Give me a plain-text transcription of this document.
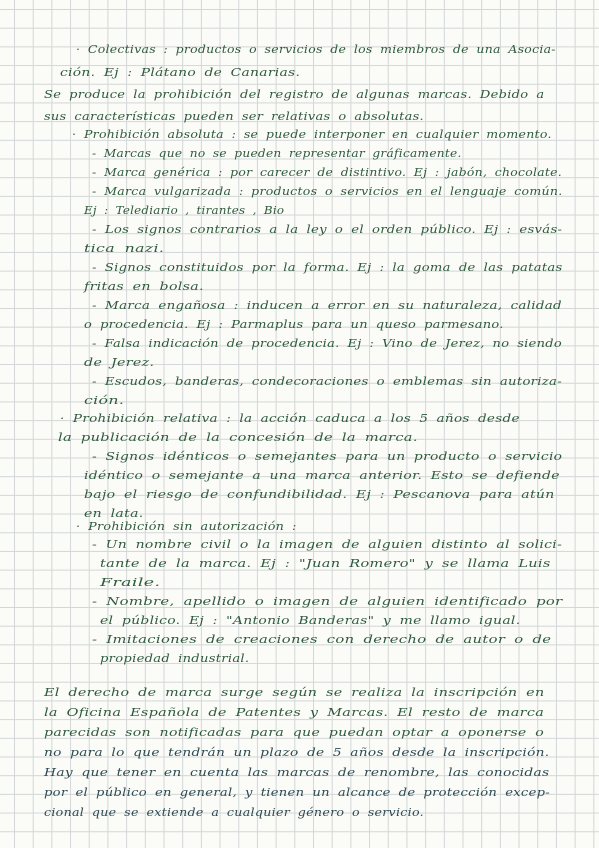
· Colectivas : productos o servicios de los miembros de una Asocia-
ción. Ej : Plátano de Canarias.
Se produce la prohibición del registro de algunas marcas. Debido a
sus características pueden ser relativas o absolutas.
· Prohibición absoluta : se puede interponer en cualquier momento.
- Marcas que no se pueden representar gráficamente.
- Marca genérica : por carecer de distintivo. Ej : jabón, chocolate.
- Marca vulgarizada : productos o servicios en el lenguaje común.
Ej : Telediario , tirantes , Bio
- Los signos contrarios a la ley o el orden público. Ej : esvás-
tica nazi.
- Signos constituidos por la forma. Ej : la goma de las patatas
fritas en bolsa.
- Marca engañosa : inducen a error en su naturaleza, calidad
o procedencia. Ej : Parmaplus para un queso parmesano.
- Falsa indicación de procedencia. Ej : Vino de Jerez, no siendo
de Jerez.
- Escudos, banderas, condecoraciones o emblemas sin autoriza-
ción.
· Prohibición relativa : la acción caduca a los 5 años desde
la publicación de la concesión de la marca.
- Signos idénticos o semejantes para un producto o servicio
idéntico o semejante a una marca anterior. Esto se defiende
bajo el riesgo de confundibilidad. Ej : Pescanova para atún
en lata.
· Prohibición sin autorización :
- Un nombre civil o la imagen de alguien distinto al solici-
tante de la marca. Ej : "Juan Romero" y se llama Luis
Fraile.
- Nombre, apellido o imagen de alguien identificado por
el público. Ej : "Antonio Banderas" y me llamo igual.
- Imitaciones de creaciones con derecho de autor o de
propiedad industrial.
El derecho de marca surge según se realiza la inscripción en
la Oficina Española de Patentes y Marcas. El resto de marca
parecidas son notificadas para que puedan optar a oponerse o
no para lo que tendrán un plazo de 5 años desde la inscripción.
Hay que tener en cuenta las marcas de renombre, las conocidas
por el público en general, y tienen un alcance de protección excep-
cional que se extiende a cualquier género o servicio.
